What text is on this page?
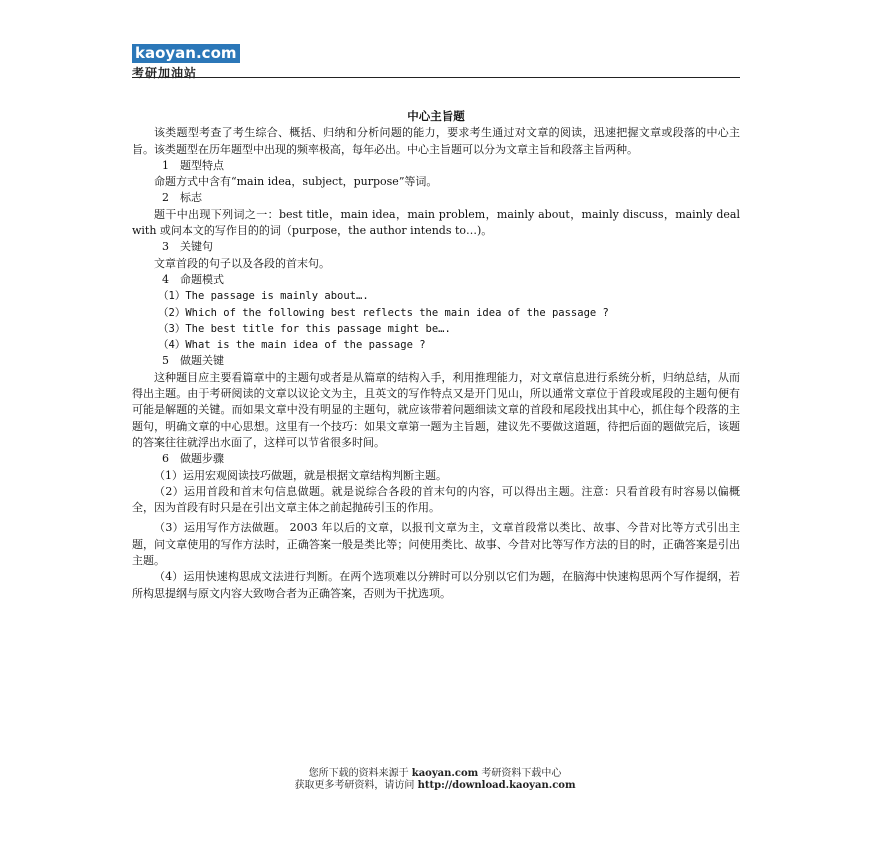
kaoyan.com
考研加油站
中心主旨题

该类题型考查了考生综合、概括、归纳和分析问题的能力，要求考生通过对文章的阅读，迅速把握文章或段落的中心主旨。该类题型在历年题型中出现的频率极高，每年必出。中心主旨题可以分为文章主旨和段落主旨两种。

1　题型特点

命题方式中含有“main idea，subject，purpose”等词。

2　标志

题干中出现下列词之一：best title，main idea，main problem，mainly about，mainly discuss，mainly deal with 或问本文的写作目的的词（purpose，the author intends to…)。

3　关键句

文章首段的句子以及各段的首末句。

4　命题模式

（1）The passage is mainly about….

（2）Which of the following best reflects the main idea of the passage ?

（3）The best title for this passage might be….

（4）What is the main idea of the passage ?

5　做题关键

这种题目应主要看篇章中的主题句或者是从篇章的结构入手，利用推理能力，对文章信息进行系统分析，归纳总结，从而得出主题。由于考研阅读的文章以议论文为主，且英文的写作特点又是开门见山，所以通常文章位于首段或尾段的主题句便有可能是解题的关键。而如果文章中没有明显的主题句，就应该带着问题细读文章的首段和尾段找出其中心，抓住每个段落的主题句，明确文章的中心思想。这里有一个技巧：如果文章第一题为主旨题，建议先不要做这道题，待把后面的题做完后，该题的答案往往就浮出水面了，这样可以节省很多时间。

6　做题步骤

（1）运用宏观阅读技巧做题，就是根据文章结构判断主题。

（2）运用首段和首末句信息做题。就是说综合各段的首末句的内容，可以得出主题。注意：只看首段有时容易以偏概全，因为首段有时只是在引出文章主体之前起抛砖引玉的作用。

（3）运用写作方法做题。 2003 年以后的文章，以报刊文章为主，文章首段常以类比、故事、今昔对比等方式引出主题，问文章使用的写作方法时，正确答案一般是类比等；问使用类比、故事、今昔对比等写作方法的目的时，正确答案是引出主题。

（4）运用快速构思成文法进行判断。在两个选项难以分辨时可以分别以它们为题，在脑海中快速构思两个写作提纲，若所构思提纲与原文内容大致吻合者为正确答案，否则为干扰选项。

您所下载的资料来源于 kaoyan.com 考研资料下载中心
获取更多考研资料，请访问 http://download.kaoyan.com
